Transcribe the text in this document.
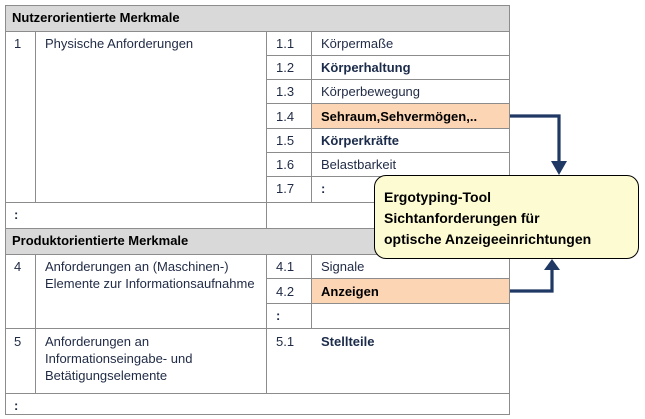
Nutzerorientierte Merkmale
1	Physische Anforderungen	1.1	Körpermaße
1.2	Körperhaltung
1.3	Körperbewegung
1.4	Sehraum,Sehvermögen,..
1.5	Körperkräfte
1.6	Belastbarkeit
1.7	:
:
Produktorientierte Merkmale
4	Anforderungen an (Maschinen-) Elemente zur Informationsaufnahme
4.1	Signale
4.2	Anzeigen
:
5	Anforderungen an Informationseingabe- und Betätigungselemente
5.1	Stellteile
:
Ergotyping-Tool
Sichtanforderungen für
optische Anzeigeeinrichtungen
